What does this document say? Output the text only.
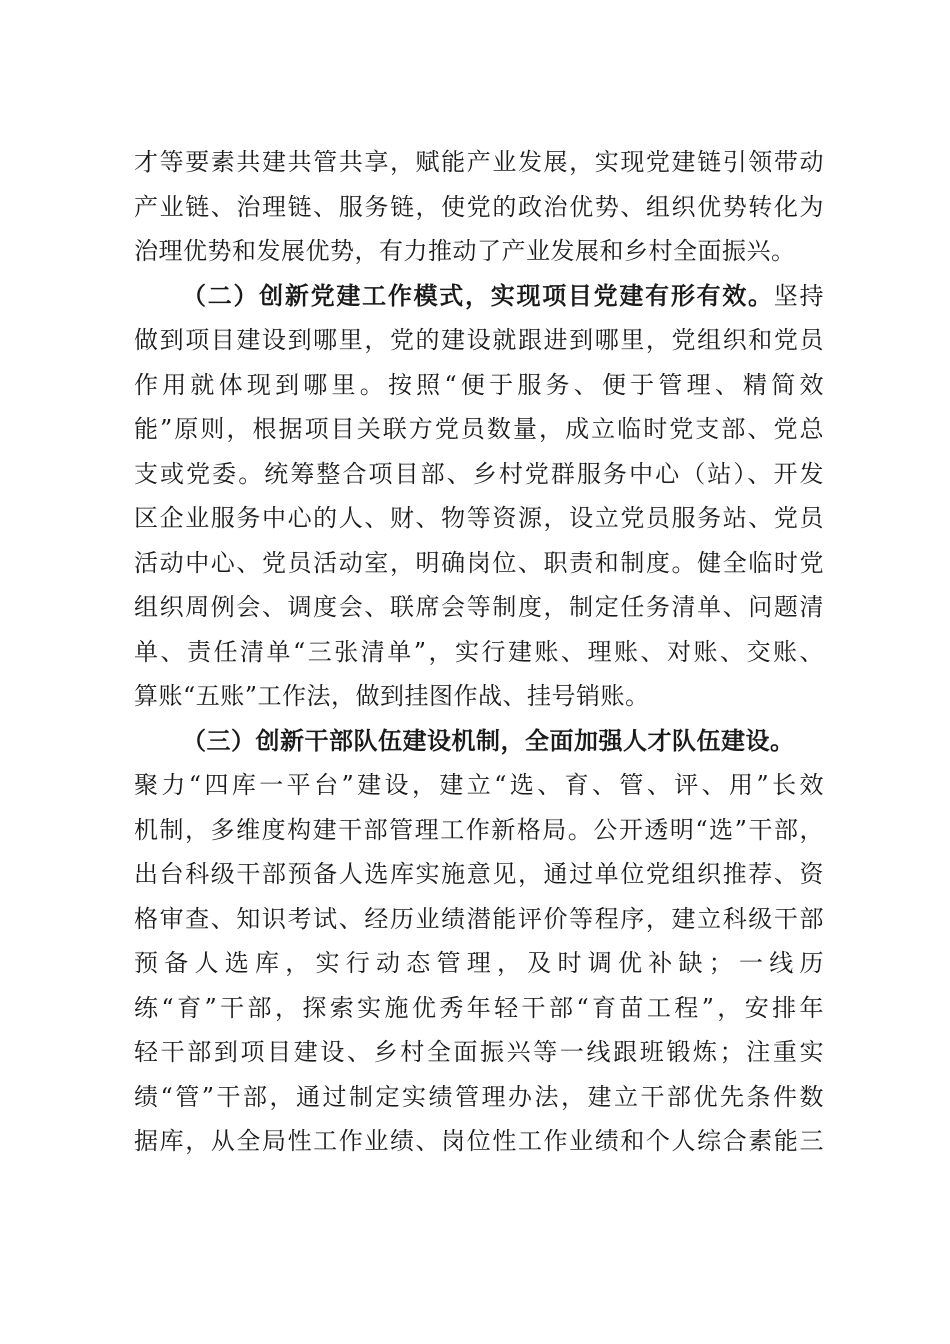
才等要素共建共管共享，赋能产业发展，实现党建链引领带动
产业链、治理链、服务链，使党的政治优势、组织优势转化为
治理优势和发展优势，有力推动了产业发展和乡村全面振兴。
（二）创新党建工作模式，实现项目党建有形有效。坚持
做到项目建设到哪里，党的建设就跟进到哪里，党组织和党员
作用就体现到哪里。按照“便于服务、便于管理、精简效
能”原则，根据项目关联方党员数量，成立临时党支部、党总
支或党委。统筹整合项目部、乡村党群服务中心（站）、开发
区企业服务中心的人、财、物等资源，设立党员服务站、党员
活动中心、党员活动室，明确岗位、职责和制度。健全临时党
组织周例会、调度会、联席会等制度，制定任务清单、问题清
单、责任清单“三张清单”，实行建账、理账、对账、交账、
算账“五账”工作法，做到挂图作战、挂号销账。
（三）创新干部队伍建设机制，全面加强人才队伍建设。
聚力“四库一平台”建设，建立“选、育、管、评、用”长效
机制，多维度构建干部管理工作新格局。公开透明“选”干部，
出台科级干部预备人选库实施意见，通过单位党组织推荐、资
格审查、知识考试、经历业绩潜能评价等程序，建立科级干部
预备人选库，实行动态管理，及时调优补缺；一线历
练“育”干部，探索实施优秀年轻干部“育苗工程”，安排年
轻干部到项目建设、乡村全面振兴等一线跟班锻炼；注重实
绩“管”干部，通过制定实绩管理办法，建立干部优先条件数
据库，从全局性工作业绩、岗位性工作业绩和个人综合素能三
